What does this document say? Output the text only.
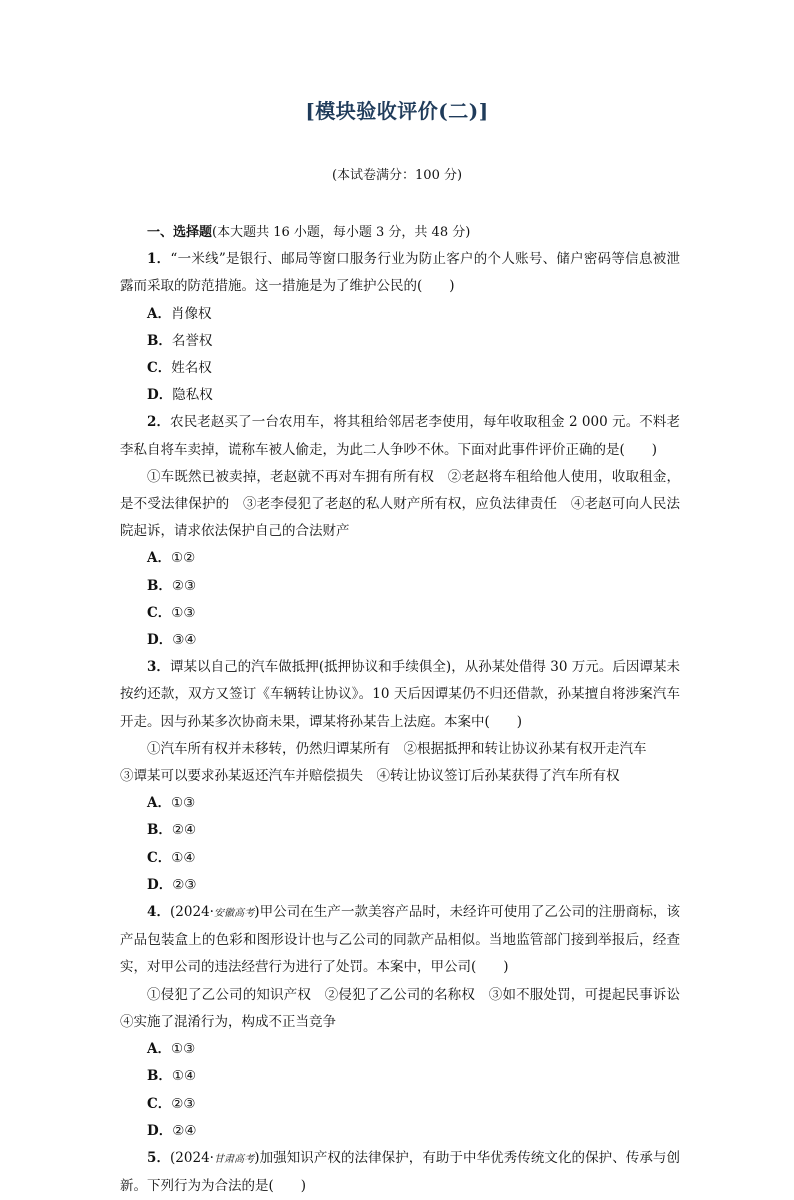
[模块验收评价(二)]
(本试卷满分：100 分)

一、选择题(本大题共 16 小题，每小题 3 分，共 48 分)

1．“一米线”是银行、邮局等窗口服务行业为防止客户的个人账号、储户密码等信息被泄露而采取的防范措施。这一措施是为了维护公民的(　　)

A．肖像权
B．名誉权
C．姓名权
D．隐私权

2．农民老赵买了一台农用车，将其租给邻居老李使用，每年收取租金 2 000 元。不料老李私自将车卖掉，谎称车被人偷走，为此二人争吵不休。下面对此事件评价正确的是(　　)

①车既然已被卖掉，老赵就不再对车拥有所有权　②老赵将车租给他人使用，收取租金，是不受法律保护的　③老李侵犯了老赵的私人财产所有权，应负法律责任　④老赵可向人民法院起诉，请求依法保护自己的合法财产

A．①②
B．②③
C．①③
D．③④

3．谭某以自己的汽车做抵押(抵押协议和手续俱全)，从孙某处借得 30 万元。后因谭某未按约还款，双方又签订《车辆转让协议》。10 天后因谭某仍不归还借款，孙某擅自将涉案汽车开走。因与孙某多次协商未果，谭某将孙某告上法庭。本案中(　　)

①汽车所有权并未移转，仍然归谭某所有　②根据抵押和转让协议孙某有权开走汽车

③谭某可以要求孙某返还汽车并赔偿损失　④转让协议签订后孙某获得了汽车所有权

A．①③
B．②④
C．①④
D．②③

4．(2024·安徽高考)甲公司在生产一款美容产品时，未经许可使用了乙公司的注册商标，该产品包装盒上的色彩和图形设计也与乙公司的同款产品相似。当地监管部门接到举报后，经查实，对甲公司的违法经营行为进行了处罚。本案中，甲公司(　　)

①侵犯了乙公司的知识产权　②侵犯了乙公司的名称权　③如不服处罚，可提起民事诉讼　④实施了混淆行为，构成不正当竞争

A．①③
B．①④
C．②③
D．②④

5．(2024·甘肃高考)加强知识产权的法律保护，有助于中华优秀传统文化的保护、传承与创新。下列行为为合法的是(　　)
